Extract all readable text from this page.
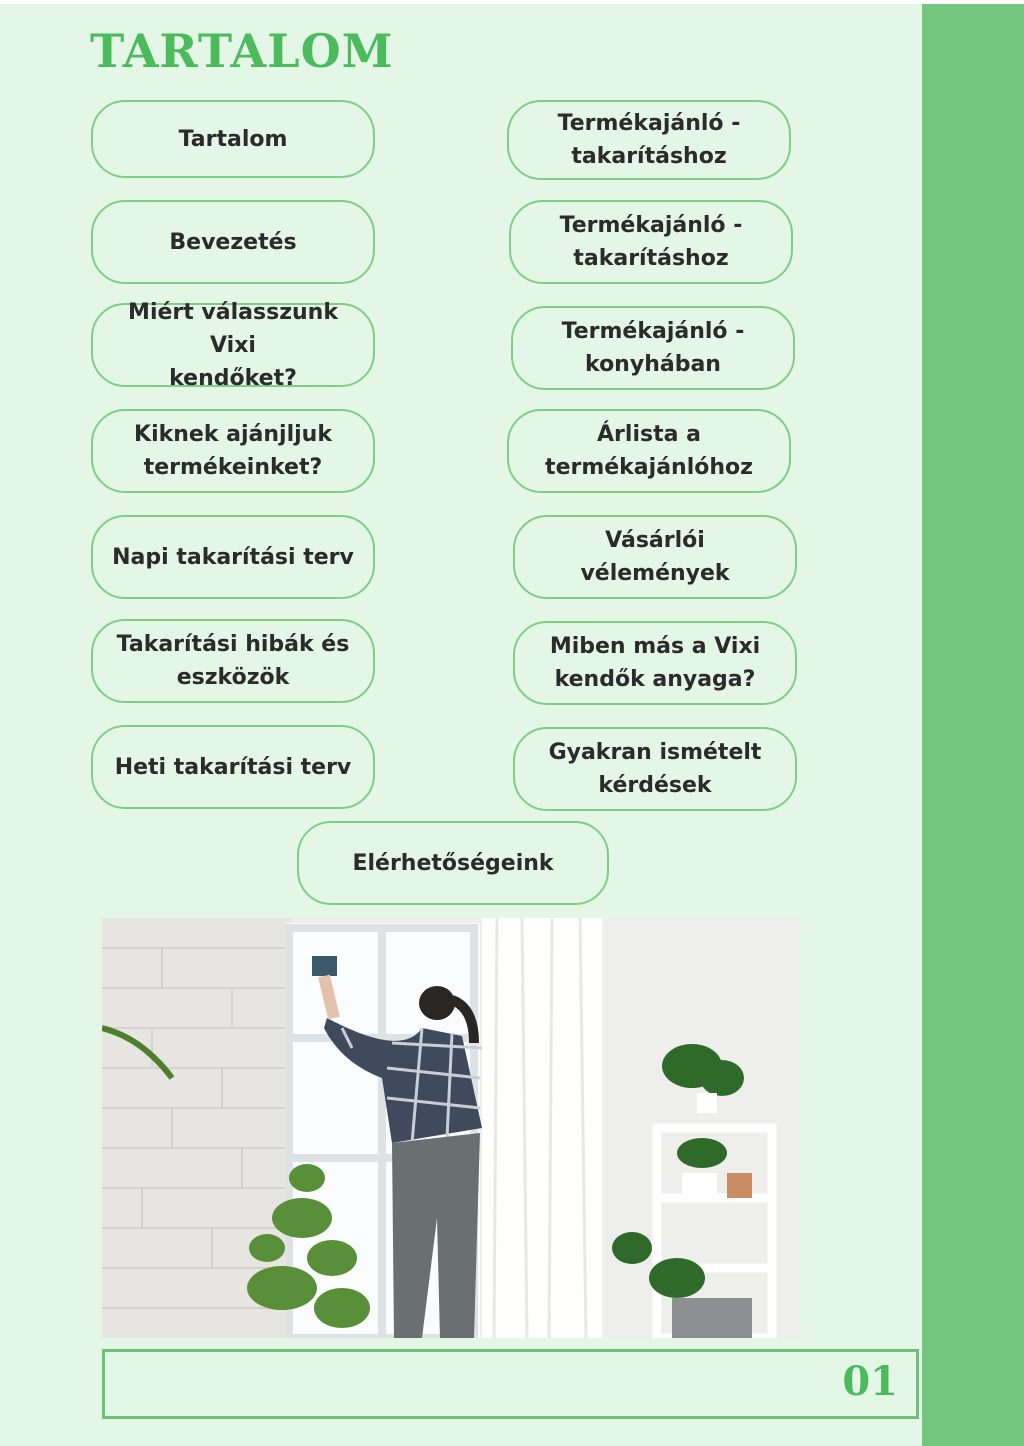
TARTALOM
Tartalom
Bevezetés
Miért válasszunk Vixi
kendőket?
Kiknek ajánjljuk
termékeinket?
Napi takarítási terv
Takarítási hibák és
eszközök
Heti takarítási terv
Termékajánló -
takarításhoz
Termékajánló -
takarításhoz
Termékajánló -
konyhában
Árlista a
termékajánlóhoz
Vásárlói vélemények
Miben más a Vixi
kendők anyaga?
Gyakran ismételt
kérdések
Elérhetőségeink
01
